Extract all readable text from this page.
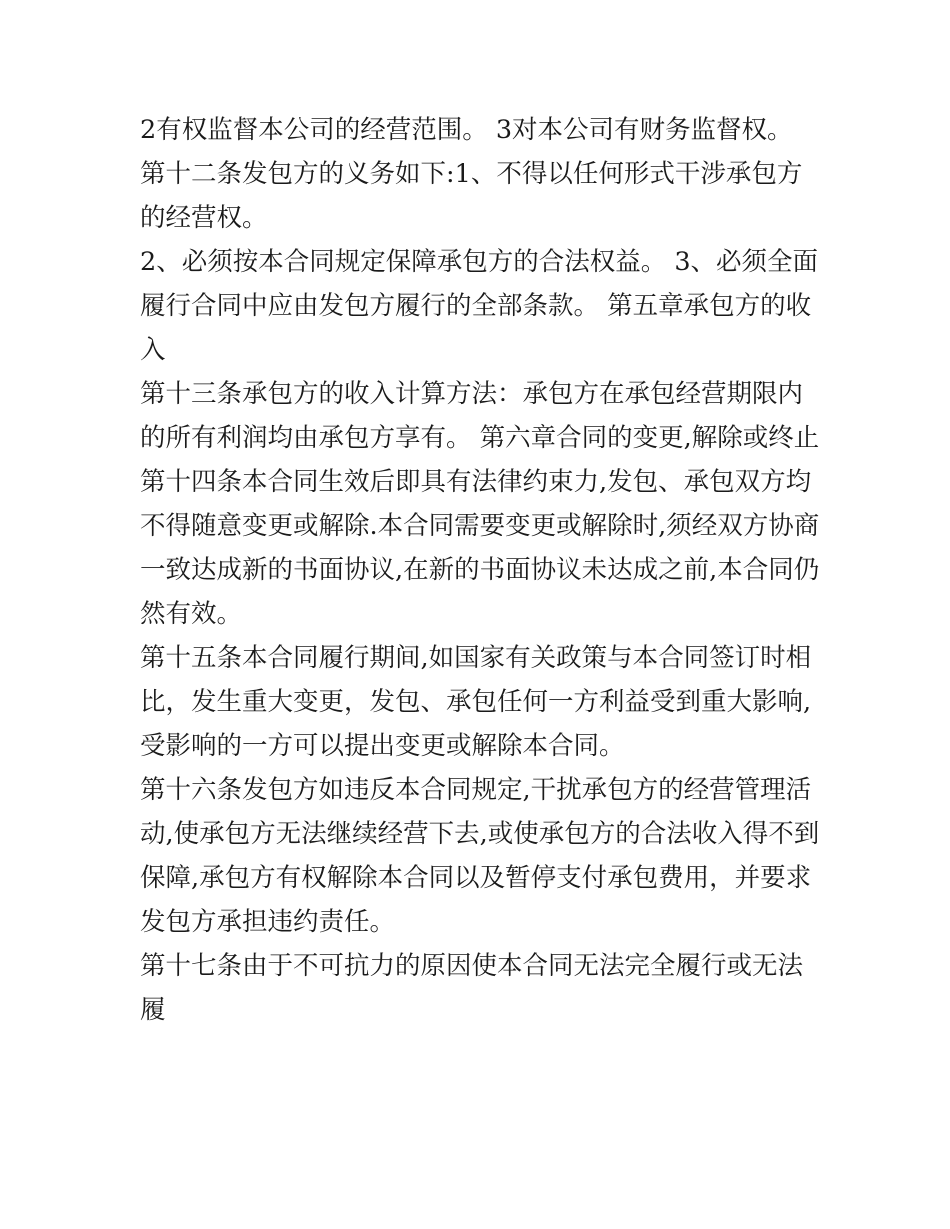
2有权监督本公司的经营范围。 3对本公司有财务监督权。 第十二条发包方的义务如下:1、不得以任何形式干涉承包方的经营权。

2、必须按本合同规定保障承包方的合法权益。 3、必须全面履行合同中应由发包方履行的全部条款。 第五章承包方的收入

第十三条承包方的收入计算方法：承包方在承包经营期限内的所有利润均由承包方享有。 第六章合同的变更,解除或终止

第十四条本合同生效后即具有法律约束力,发包、承包双方均不得随意变更或解除.本合同需要变更或解除时,须经双方协商一致达成新的书面协议,在新的书面协议未达成之前,本合同仍然有效。

第十五条本合同履行期间,如国家有关政策与本合同签订时相比，发生重大变更，发包、承包任何一方利益受到重大影响,受影响的一方可以提出变更或解除本合同。

第十六条发包方如违反本合同规定,干扰承包方的经营管理活动,使承包方无法继续经营下去,或使承包方的合法收入得不到保障,承包方有权解除本合同以及暂停支付承包费用，并要求发包方承担违约责任。

第十七条由于不可抗力的原因使本合同无法完全履行或无法履
